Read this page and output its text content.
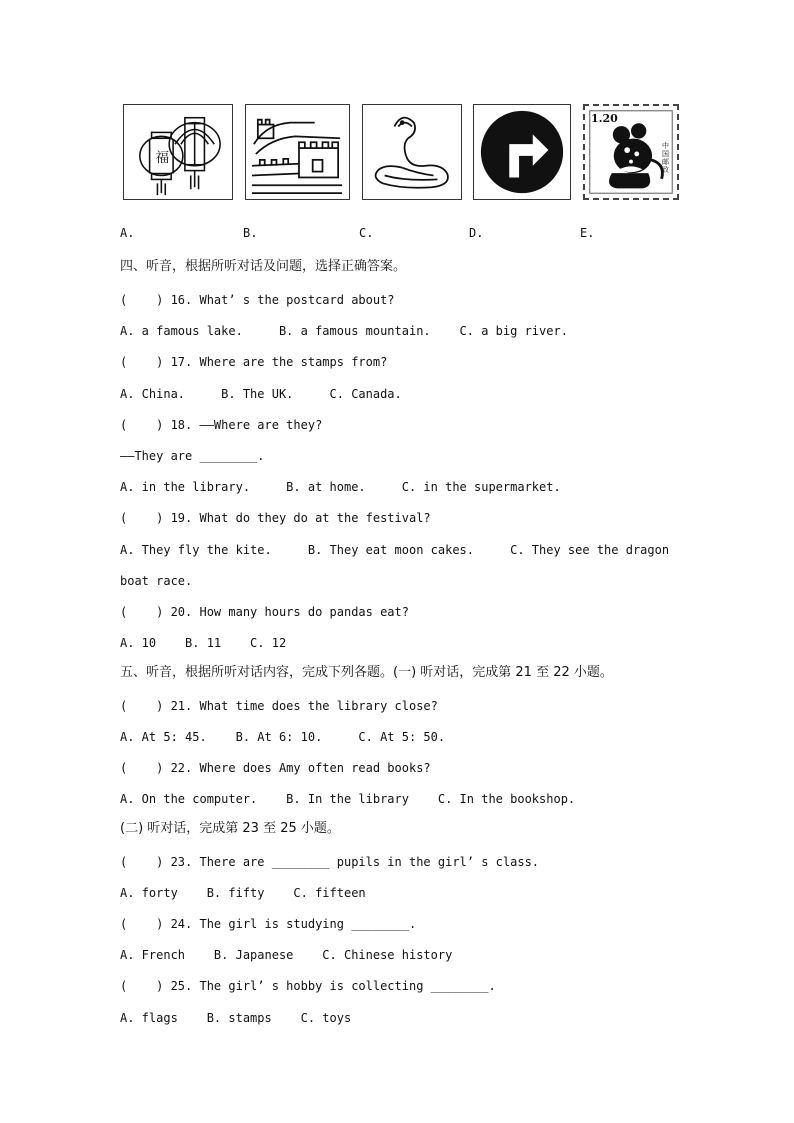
福
1.20
中国邮政
A.	B.	C.	D.	E.
四、听音，根据所听对话及问题，选择正确答案。
(    ) 16. What’ s the postcard about?
A. a famous lake.     B. a famous mountain.    C. a big river.
(    ) 17. Where are the stamps from?
A. China.     B. The UK.     C. Canada.
(    ) 18. ——Where are they?
——They are ________.
A. in the library.     B. at home.     C. in the supermarket.
(    ) 19. What do they do at the festival?
A. They fly the kite.     B. They eat moon cakes.     C. They see the dragon
boat race.
(    ) 20. How many hours do pandas eat?
A. 10    B. 11    C. 12
五、听音，根据所听对话内容，完成下列各题。(一) 听对话，完成第 21 至 22 小题。
(    ) 21. What time does the library close?
A. At 5: 45.    B. At 6: 10.     C. At 5: 50.
(    ) 22. Where does Amy often read books?
A. On the computer.    B. In the library    C. In the bookshop.
(二) 听对话，完成第 23 至 25 小题。
(    ) 23. There are ________ pupils in the girl’ s class.
A. forty    B. fifty    C. fifteen
(    ) 24. The girl is studying ________.
A. French    B. Japanese    C. Chinese history
(    ) 25. The girl’ s hobby is collecting ________.
A. flags    B. stamps    C. toys
